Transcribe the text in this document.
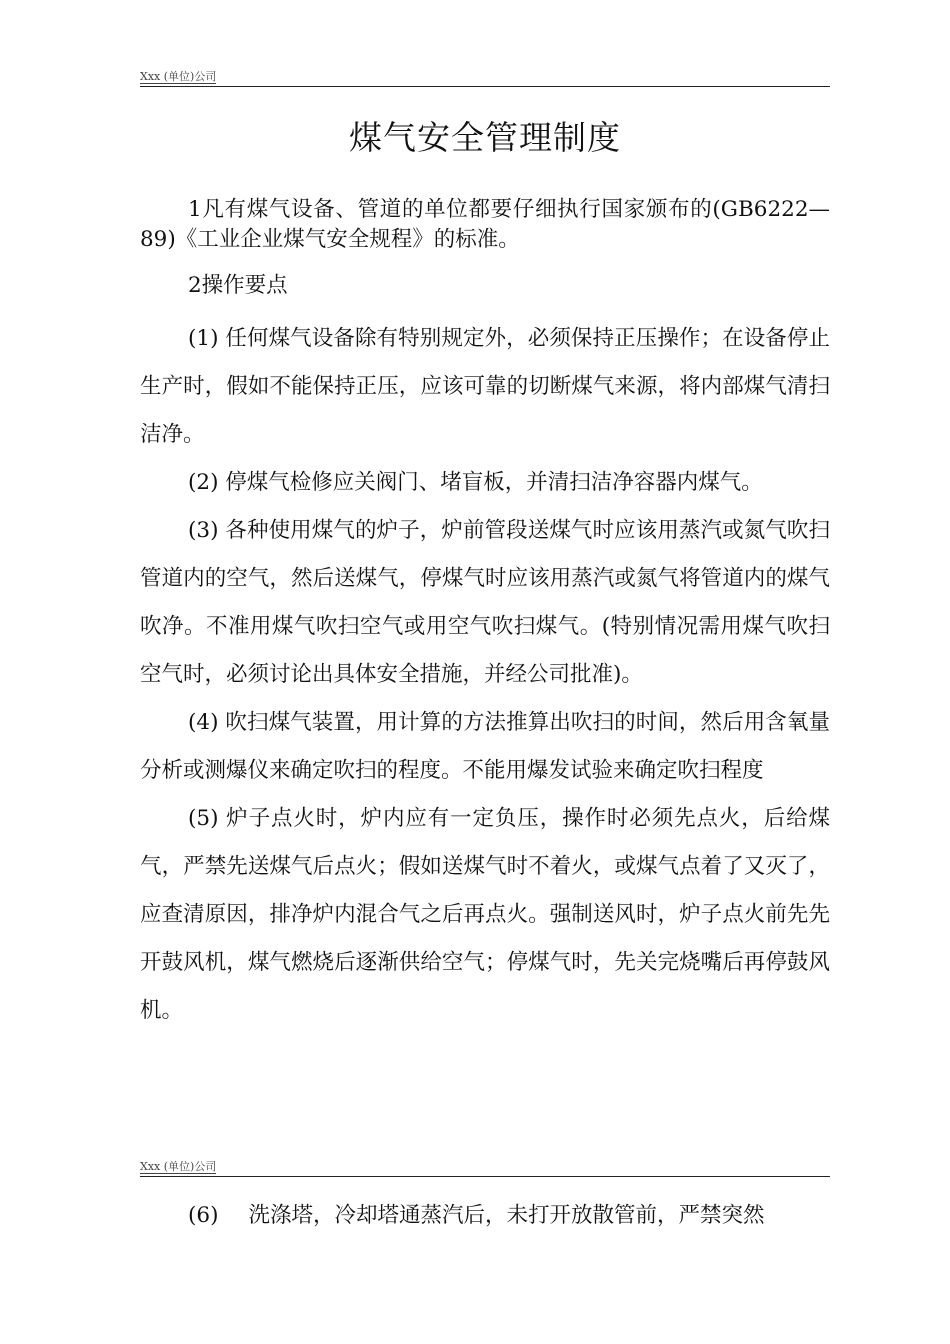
Xxx (单位)公司
煤气安全管理制度

1凡有煤气设备、管道的单位都要仔细执行国家颁布的(GB6222— 89)《工业企业煤气安全规程》的标准。

2操作要点

(1) 任何煤气设备除有特别规定外，必须保持正压操作；在设备停止生产时，假如不能保持正压，应该可靠的切断煤气来源，将内部煤气清扫洁净。

(2) 停煤气检修应关阀门、堵盲板，并清扫洁净容器内煤气。

(3) 各种使用煤气的炉子，炉前管段送煤气时应该用蒸汽或氮气吹扫管道内的空气，然后送煤气，停煤气时应该用蒸汽或氮气将管道内的煤气吹净。不准用煤气吹扫空气或用空气吹扫煤气。(特别情况需用煤气吹扫空气时，必须讨论出具体安全措施，并经公司批准)。

(4) 吹扫煤气装置，用计算的方法推算出吹扫的时间，然后用含氧量分析或测爆仪来确定吹扫的程度。不能用爆发试验来确定吹扫程度

(5) 炉子点火时，炉内应有一定负压，操作时必须先点火，后给煤气，严禁先送煤气后点火；假如送煤气时不着火，或煤气点着了又灭了，应查清原因，排净炉内混合气之后再点火。强制送风时，炉子点火前先先开鼓风机，煤气燃烧后逐渐供给空气；停煤气时，先关完烧嘴后再停鼓风机。

Xxx (单位)公司

(6) 洗涤塔，冷却塔通蒸汽后，未打开放散管前，严禁突然
